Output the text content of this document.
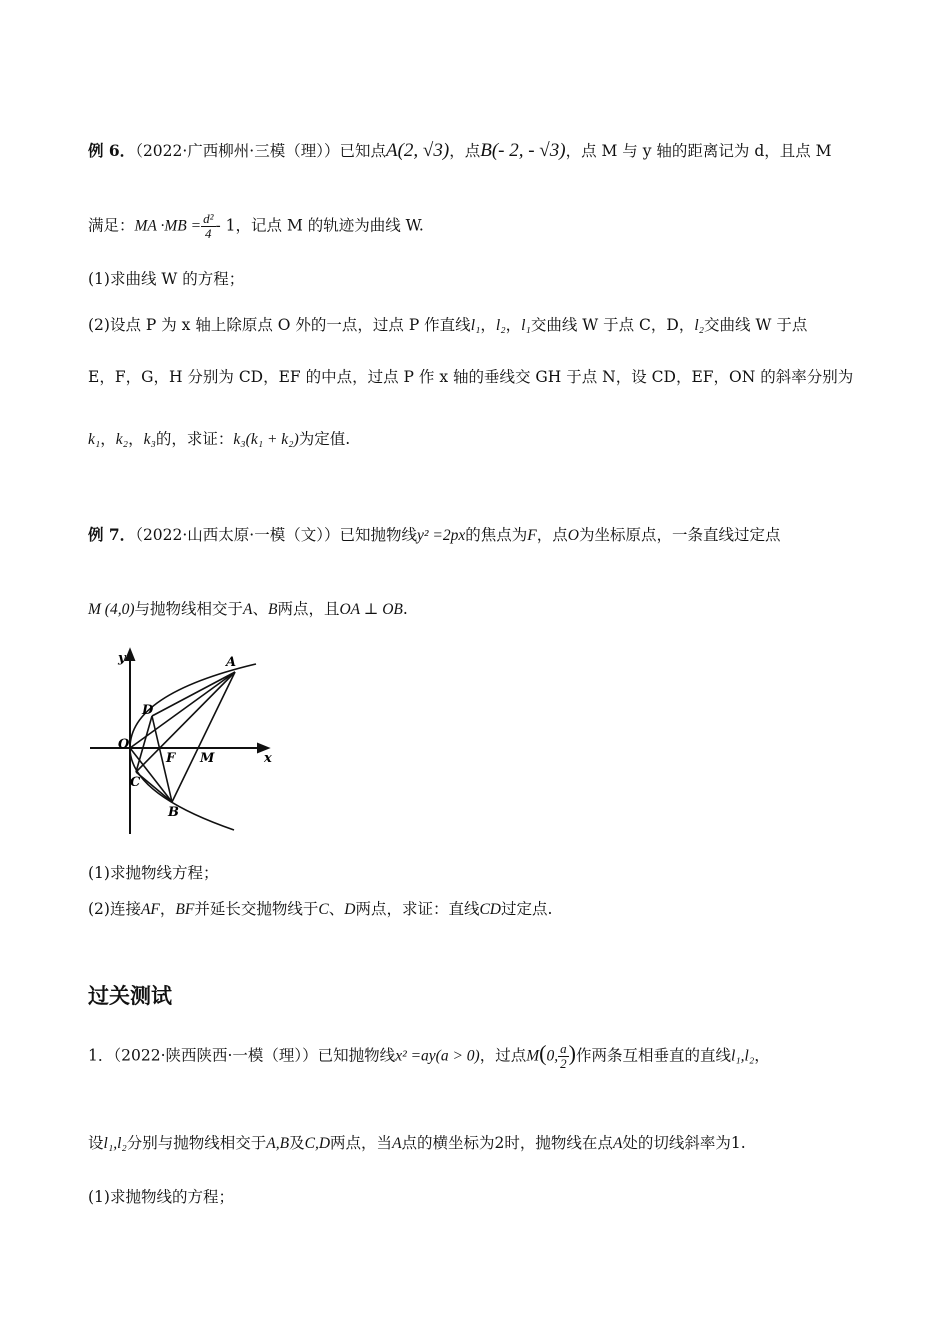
例 6．（2022·广西柳州·三模（理））已知点A(2, √3)，点B(- 2, - √3)，点 M 与 y 轴的距离记为 d，且点 M
满足：MA $\cdot MB = \frac{\text{d²}}{4} - 1$，记点 M 的轨迹为曲线 W.
(1)求曲线 W 的方程；
(2)设点 P 为 x 轴上除原点 O 外的一点，过点 P 作直线l₁，l₂，l₁交曲线 W 于点 C，D，l₂交曲线 W 于点
E，F，G，H 分别为 CD，EF 的中点，过点 P 作 x 轴的垂线交 GH 于点 N，设 CD，EF，ON 的斜率分别为
k₁，k₂，k₃的，求证：k₃(k₁ + k₂)为定值.
例 7．（2022·山西太原·一模（文））已知抛物线y² =2px的焦点为F，点O为坐标原点，一条直线过定点
M (4,0)与抛物线相交于A、B两点，且OA ⊥ OB.
y
x
O
A
D
F M
C
B
(1)求抛物线方程；
(2)连接AF，BF并延长交抛物线于C、D两点，求证：直线CD过定点.
过关测试
1．（2022·陕西陕西·一模（理））已知抛物线x² =ay(a > 0)，过点M(0, $\frac{a}{2}$ )作两条互相垂直的直线l₁,l₂，
设l₁,l₂分别与抛物线相交于A,B及C,D两点，当A点的横坐标为2时，抛物线在点A处的切线斜率为1.
(1)求抛物线的方程；
